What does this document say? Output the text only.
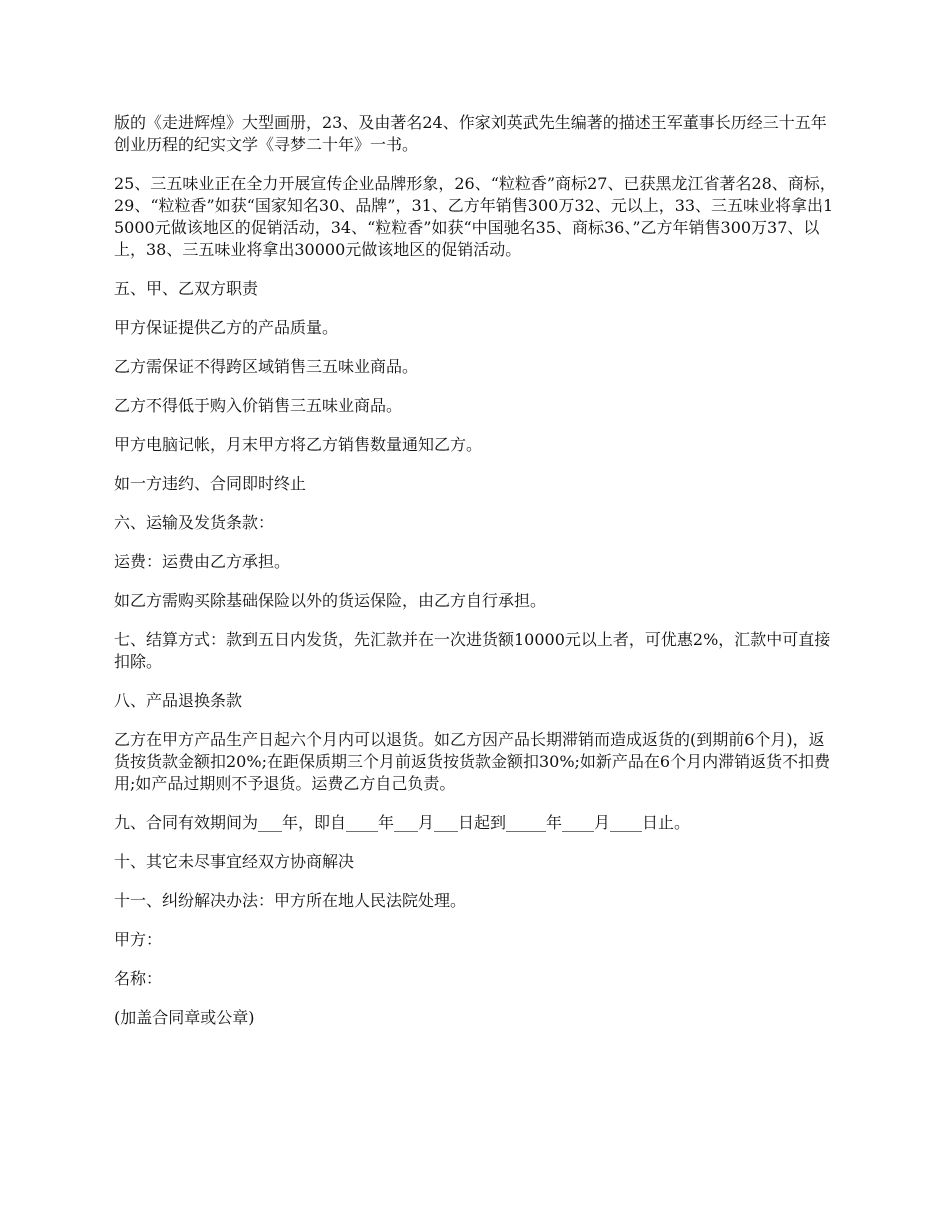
版的《走进辉煌》大型画册，23、及由著名24、作家刘英武先生编著的描述王军董事长历经三十五年创业历程的纪实文学《寻梦二十年》一书。

25、三五味业正在全力开展宣传企业品牌形象，26、“粒粒香”商标27、已获黑龙江省著名28、商标，29、“粒粒香”如获“国家知名30、品牌”，31、乙方年销售300万32、元以上，33、三五味业将拿出15000元做该地区的促销活动，34、“粒粒香”如获“中国驰名35、商标36、”乙方年销售300万37、以上，38、三五味业将拿出30000元做该地区的促销活动。

五、甲、乙双方职责

甲方保证提供乙方的产品质量。

乙方需保证不得跨区域销售三五味业商品。

乙方不得低于购入价销售三五味业商品。

甲方电脑记帐，月末甲方将乙方销售数量通知乙方。

如一方违约、合同即时终止

六、运输及发货条款：

运费：运费由乙方承担。

如乙方需购买除基础保险以外的货运保险，由乙方自行承担。

七、结算方式：款到五日内发货，先汇款并在一次进货额10000元以上者，可优惠2%，汇款中可直接扣除。

八、产品退换条款

乙方在甲方产品生产日起六个月内可以退货。如乙方因产品长期滞销而造成返货的(到期前6个月)，返货按货款金额扣20%;在距保质期三个月前返货按货款金额扣30%;如新产品在6个月内滞销返货不扣费用;如产品过期则不予退货。运费乙方自己负责。

九、合同有效期间为___年，即自____年___月___日起到_____年____月____日止。

十、其它未尽事宜经双方协商解决

十一、纠纷解决办法：甲方所在地人民法院处理。

甲方：

名称：

(加盖合同章或公章)
